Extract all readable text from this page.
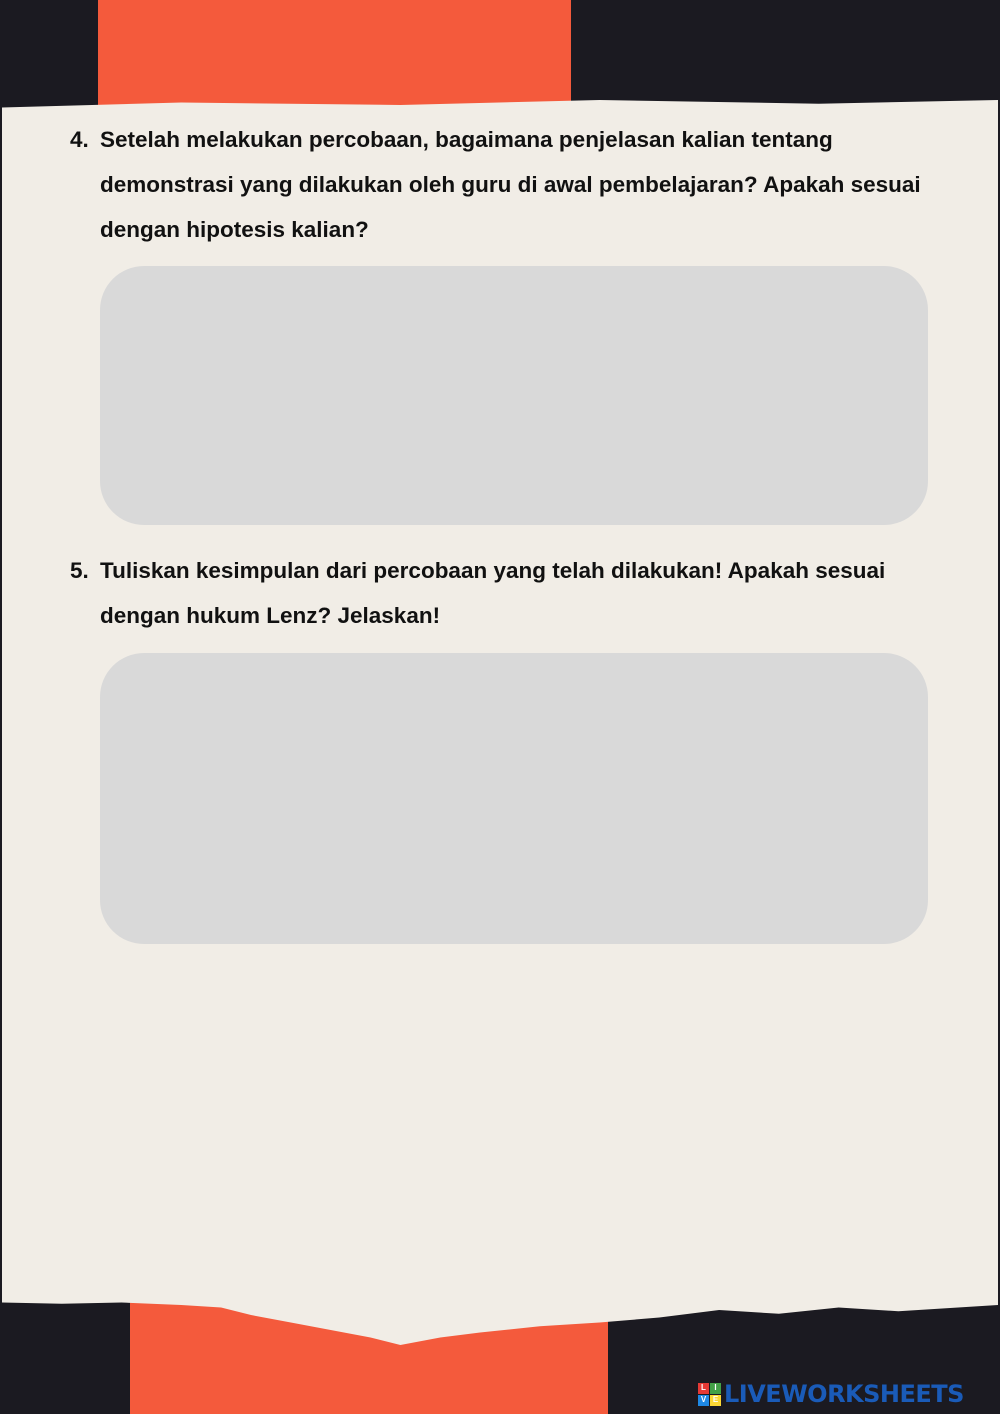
4. Setelah melakukan percobaan, bagaimana penjelasan kalian tentang demonstrasi yang dilakukan oleh guru di awal pembelajaran? Apakah sesuai dengan hipotesis kalian?
5. Tuliskan kesimpulan dari percobaan yang telah dilakukan! Apakah sesuai dengan hukum Lenz? Jelaskan!
L	I
V E LIVEWORKSHEETS
